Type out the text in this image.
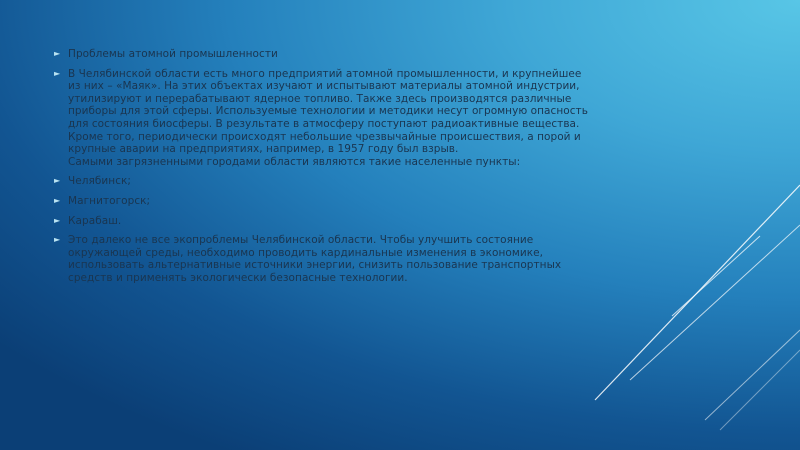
► Проблемы атомной промышленности
► В Челябинской области есть много предприятий атомной промышленности, и крупнейшее из них – «Маяк». На этих объектах изучают и испытывают материалы атомной индустрии, утилизируют и перерабатывают ядерное топливо. Также здесь производятся различные приборы для этой сферы. Используемые технологии и методики несут огромную опасность для состояния биосферы. В результате в атмосферу поступают радиоактивные вещества. Кроме того, периодически происходят небольшие чрезвычайные происшествия, а порой и крупные аварии на предприятиях, например, в 1957 году был взрыв.
Самыми загрязненными городами области являются такие населенные пункты:
► Челябинск;
► Магнитогорск;
► Карабаш.
► Это далеко не все экопроблемы Челябинской области. Чтобы улучшить состояние окружающей среды, необходимо проводить кардинальные изменения в экономике, использовать альтернативные источники энергии, снизить пользование транспортных средств и применять экологически безопасные технологии.
